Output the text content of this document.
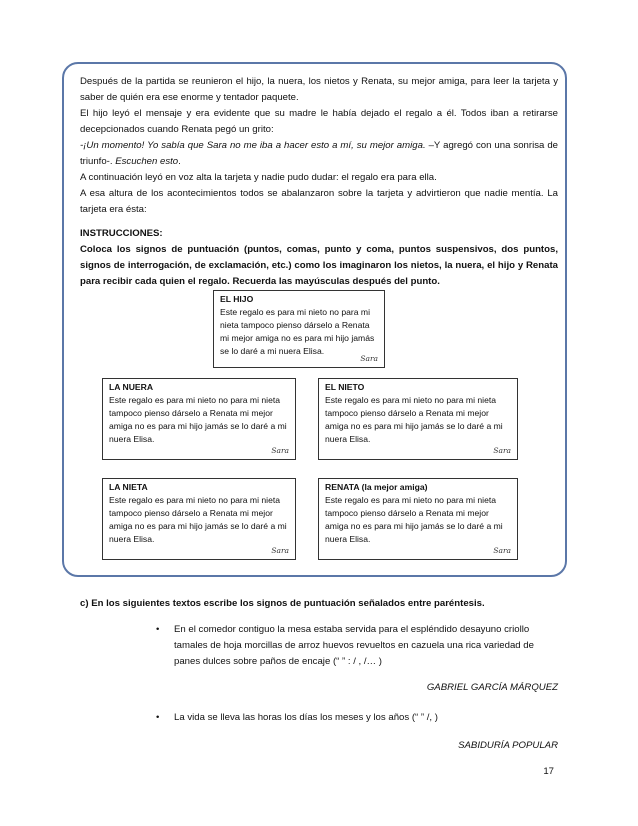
Después de la partida se reunieron el hijo, la nuera, los nietos y Renata, su mejor amiga, para leer la tarjeta y saber de quién era ese enorme y tentador paquete.

El hijo leyó el mensaje y era evidente que su madre le había dejado el regalo a él. Todos iban a retirarse decepcionados cuando Renata pegó un grito:

-¡Un momento! Yo sabía que Sara no me iba a hacer esto a mí, su mejor amiga. –Y agregó con una sonrisa de triunfo-. Escuchen esto.

A continuación leyó en voz alta la tarjeta y nadie pudo dudar: el regalo era para ella.

A esa altura de los acontecimientos todos se abalanzaron sobre la tarjeta y advirtieron que nadie mentía. La tarjeta era ésta:

INSTRUCCIONES:

Coloca los signos de puntuación (puntos, comas, punto y coma, puntos suspensivos, dos puntos, signos de interrogación, de exclamación, etc.) como los imaginaron los nietos, la nuera, el hijo y Renata para recibir cada quien el regalo. Recuerda las mayúsculas después del punto.

EL HIJO
Este regalo es para mi nieto no para mi nieta tampoco pienso dárselo a Renata mi mejor amiga no es para mi hijo jamás se lo daré a mi nuera Elisa.
Sara
LA NUERA
Este regalo es para mi nieto no para mi nieta tampoco pienso dárselo a Renata mi mejor amiga no es para mi hijo jamás se lo daré a mi nuera Elisa.
Sara
EL NIETO
Este regalo es para mi nieto no para mi nieta tampoco pienso dárselo a Renata mi mejor amiga no es para mi hijo jamás se lo daré a mi nuera Elisa.
Sara
LA NIETA
Este regalo es para mi nieto no para mi nieta tampoco pienso dárselo a Renata mi mejor amiga no es para mi hijo jamás se lo daré a mi nuera Elisa.
Sara
RENATA (la mejor amiga)
Este regalo es para mi nieto no para mi nieta tampoco pienso dárselo a Renata mi mejor amiga no es para mi hijo jamás se lo daré a mi nuera Elisa.
Sara
c) En los siguientes textos escribe los signos de puntuación señalados entre paréntesis.
• En el comedor contiguo la mesa estaba servida para el espléndido desayuno criollo tamales de hoja morcillas de arroz huevos revueltos en cazuela una rica variedad de panes dulces sobre paños de encaje (“ ” : / , /… )
GABRIEL GARCÍA MÁRQUEZ
• La vida se lleva las horas los días los meses y los años (“ ” /, )
SABIDURÍA POPULAR
17
